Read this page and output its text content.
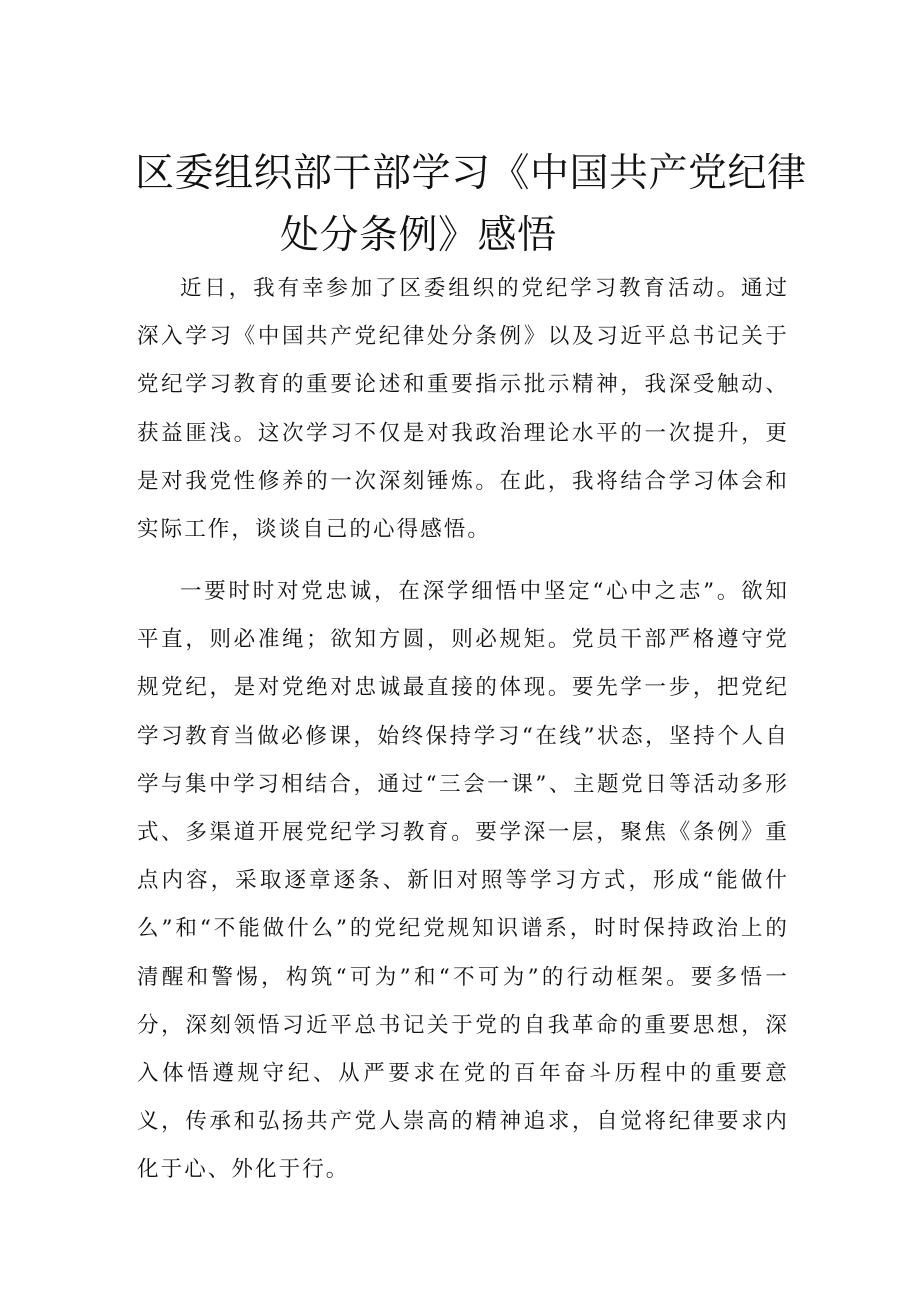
区委组织部干部学习《中国共产党纪律
处分条例》感悟

近日，我有幸参加了区委组织的党纪学习教育活动。通过深入学习《中国共产党纪律处分条例》以及习近平总书记关于党纪学习教育的重要论述和重要指示批示精神，我深受触动、获益匪浅。这次学习不仅是对我政治理论水平的一次提升，更是对我党性修养的一次深刻锤炼。在此，我将结合学习体会和实际工作，谈谈自己的心得感悟。

一要时时对党忠诚，在深学细悟中坚定“心中之志”。欲知平直，则必准绳；欲知方圆，则必规矩。党员干部严格遵守党规党纪，是对党绝对忠诚最直接的体现。要先学一步，把党纪学习教育当做必修课，始终保持学习“在线”状态，坚持个人自学与集中学习相结合，通过“三会一课”、主题党日等活动多形式、多渠道开展党纪学习教育。要学深一层，聚焦《条例》重点内容，采取逐章逐条、新旧对照等学习方式，形成“能做什么”和“不能做什么”的党纪党规知识谱系，时时保持政治上的清醒和警惕，构筑“可为”和“不可为”的行动框架。要多悟一分，深刻领悟习近平总书记关于党的自我革命的重要思想，深入体悟遵规守纪、从严要求在党的百年奋斗历程中的重要意义，传承和弘扬共产党人崇高的精神追求，自觉将纪律要求内化于心、外化于行。
